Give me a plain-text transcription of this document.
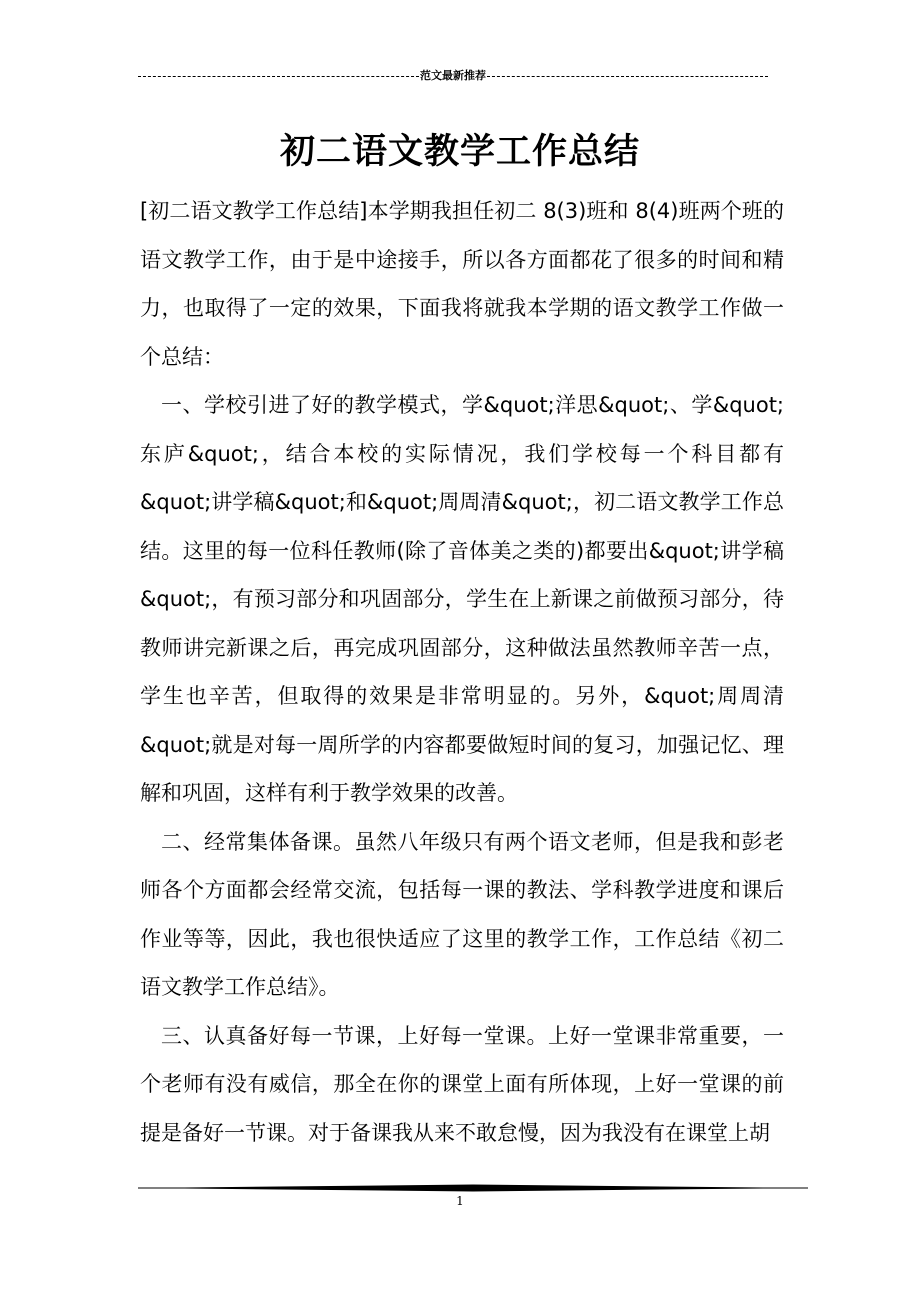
范文最新推荐
初二语文教学工作总结

[初二语文教学工作总结]本学期我担任初二 8(3)班和 8(4)班两个班的语文教学工作，由于是中途接手，所以各方面都花了很多的时间和精力，也取得了一定的效果，下面我将就我本学期的语文教学工作做一个总结：

一、学校引进了好的教学模式，学&quot;洋思&quot;、学&quot;东庐&quot;，结合本校的实际情况，我们学校每一个科目都有&quot;讲学稿&quot;和&quot;周周清&quot;，初二语文教学工作总结。这里的每一位科任教师(除了音体美之类的)都要出&quot;讲学稿&quot;，有预习部分和巩固部分，学生在上新课之前做预习部分，待教师讲完新课之后，再完成巩固部分，这种做法虽然教师辛苦一点，学生也辛苦，但取得的效果是非常明显的。另外，&quot;周周清&quot;就是对每一周所学的内容都要做短时间的复习，加强记忆、理解和巩固，这样有利于教学效果的改善。

二、经常集体备课。虽然八年级只有两个语文老师，但是我和彭老师各个方面都会经常交流，包括每一课的教法、学科教学进度和课后作业等等，因此，我也很快适应了这里的教学工作，工作总结《初二语文教学工作总结》。

三、认真备好每一节课，上好每一堂课。上好一堂课非常重要，一个老师有没有威信，那全在你的课堂上面有所体现，上好一堂课的前提是备好一节课。对于备课我从来不敢怠慢，因为我没有在课堂上胡

1
